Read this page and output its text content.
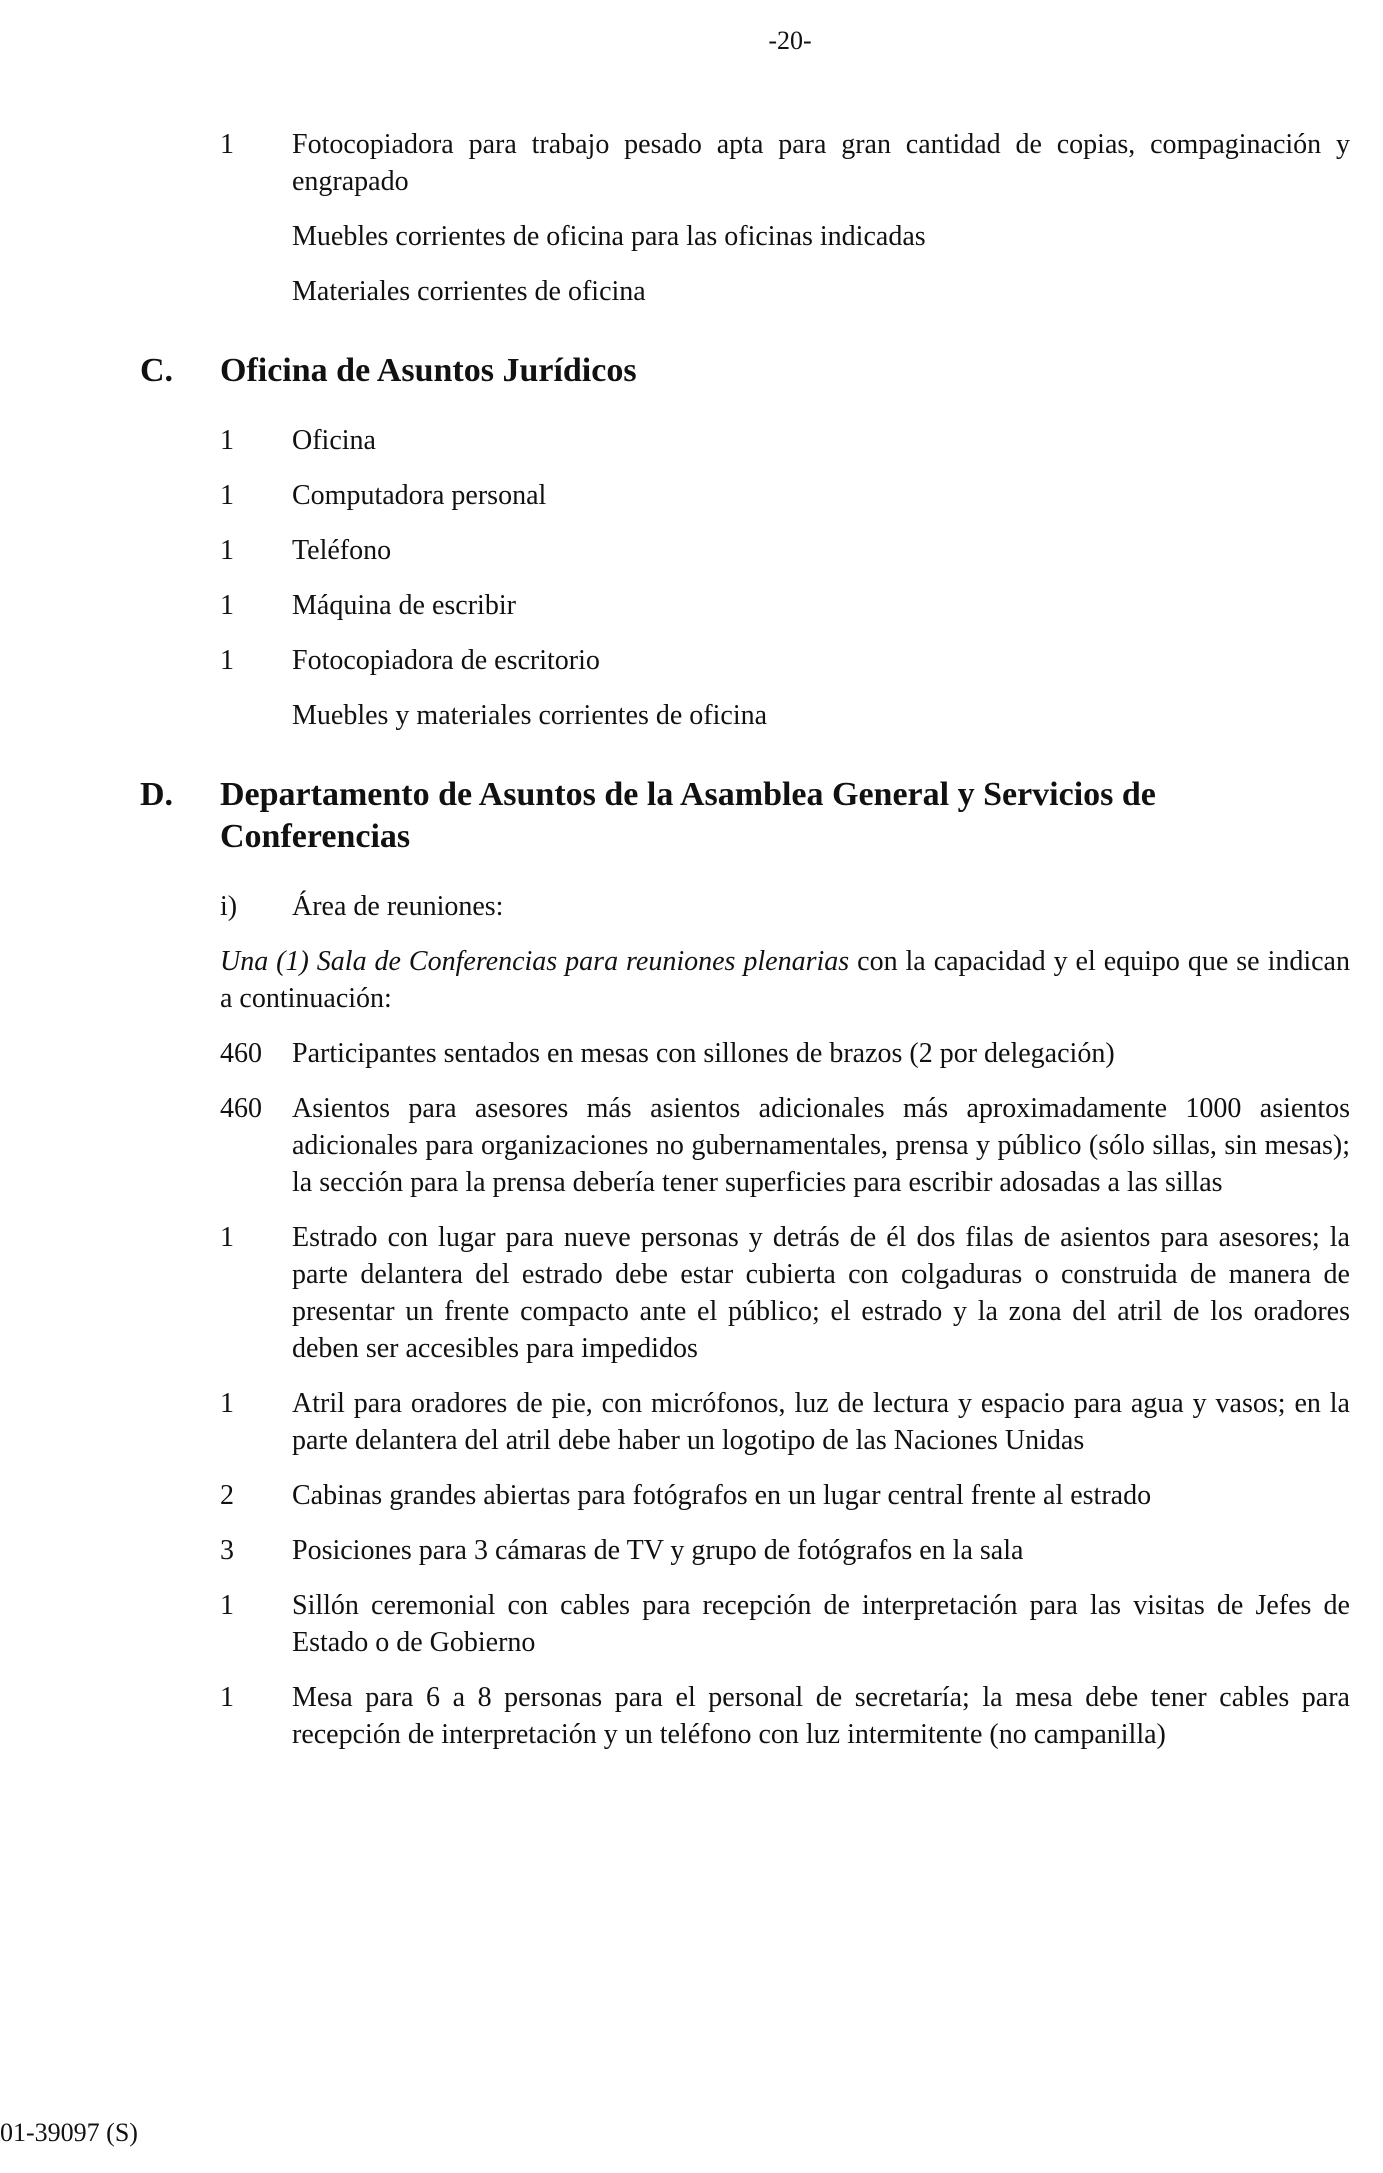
-20-
1	Fotocopiadora para trabajo pesado apta para gran cantidad de copias, compaginación y engrapado
Muebles corrientes de oficina para las oficinas indicadas
Materiales corrientes de oficina
C.	Oficina de Asuntos Jurídicos
1	Oficina
1	Computadora personal
1	Teléfono
1	Máquina de escribir
1	Fotocopiadora de escritorio
Muebles y materiales corrientes de oficina
D.	Departamento de Asuntos de la Asamblea General y Servicios de Conferencias
i)	Área de reuniones:
Una (1) Sala de Conferencias para reuniones plenarias con la capacidad y el equipo que se indican a continuación:
460	Participantes sentados en mesas con sillones de brazos (2 por delegación)
460	Asientos para asesores más asientos adicionales más aproximadamente 1000 asientos adicionales para organizaciones no gubernamentales, prensa y público (sólo sillas, sin mesas); la sección para la prensa debería tener superficies para escribir adosadas a las sillas
1	Estrado con lugar para nueve personas y detrás de él dos filas de asientos para asesores; la parte delantera del estrado debe estar cubierta con colgaduras o construida de manera de presentar un frente compacto ante el público; el estrado y la zona del atril de los oradores deben ser accesibles para impedidos
1	Atril para oradores de pie, con micrófonos, luz de lectura y espacio para agua y vasos; en la parte delantera del atril debe haber un logotipo de las Naciones Unidas
2	Cabinas grandes abiertas para fotógrafos en un lugar central frente al estrado
3	Posiciones para 3 cámaras de TV y grupo de fotógrafos en la sala
1	Sillón ceremonial con cables para recepción de interpretación para las visitas de Jefes de Estado o de Gobierno
1	Mesa para 6 a 8 personas para el personal de secretaría; la mesa debe tener cables para recepción de interpretación y un teléfono con luz intermitente (no campanilla)
01-39097 (S)
